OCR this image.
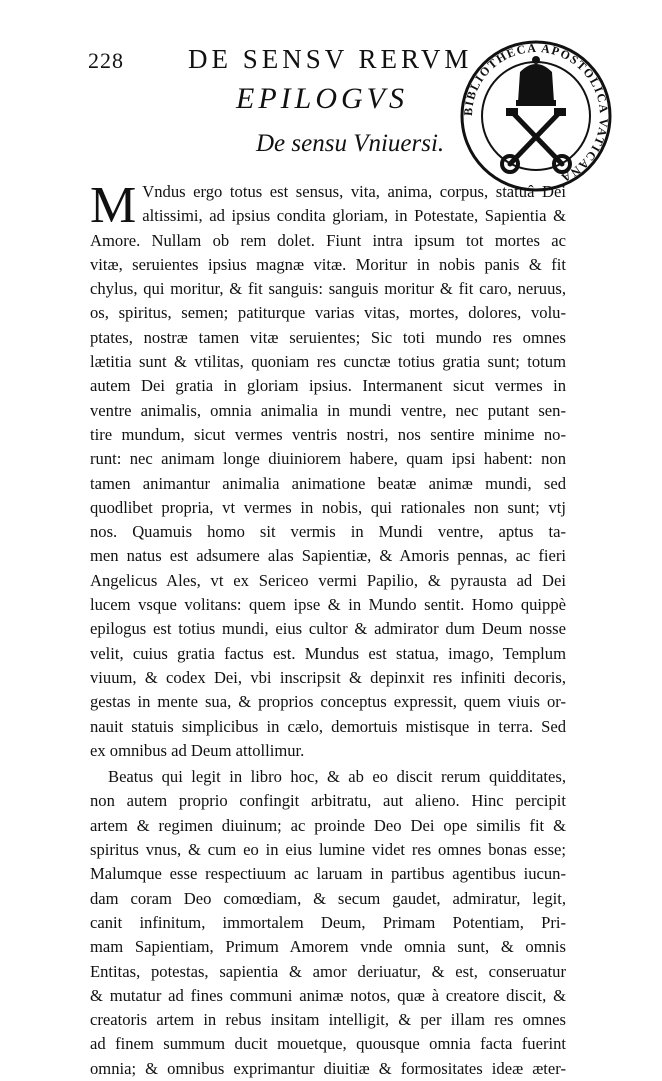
228 DE SENSV RERVM
BIBLIOTHECA APOSTOLICA VATICANA
EPILOGVS
De sensu Vniuersi.
M Vndus ergo totus est sensus, vita, anima, corpus, statuâ Dei
altissimi, ad ipsius condita gloriam, in Potestate, Sapientia &
Amore. Nullam ob rem dolet. Fiunt intra ipsum tot mortes ac
vitæ, seruientes ipsius magnæ vitæ. Moritur in nobis panis & fit
chylus, qui moritur, & fit sanguis: sanguis moritur & fit caro, neruus,
os, spiritus, semen; patiturque varias vitas, mortes, dolores, volu-
ptates, nostræ tamen vitæ seruientes; Sic toti mundo res omnes
lætitia sunt & vtilitas, quoniam res cunctæ totius gratia sunt; totum
autem Dei gratia in gloriam ipsius. Intermanent sicut vermes in
ventre animalis, omnia animalia in mundi ventre, nec putant sen-
tire mundum, sicut vermes ventris nostri, nos sentire minime no-
runt: nec animam longe diuiniorem habere, quam ipsi habent: non
tamen animantur animalia animatione beatæ animæ mundi, sed
quodlibet propria, vt vermes in nobis, qui rationales non sunt; vtj
nos. Quamuis homo sit vermis in Mundi ventre, aptus ta-
men natus est adsumere alas Sapientiæ, & Amoris pennas, ac fieri
Angelicus Ales, vt ex Sericeo vermi Papilio, & pyrausta ad Dei
lucem vsque volitans: quem ipse & in Mundo sentit. Homo quippè
epilogus est totius mundi, eius cultor & admirator dum Deum nosse
velit, cuius gratia factus est. Mundus est statua, imago, Templum
viuum, & codex Dei, vbi inscripsit & depinxit res infiniti decoris,
gestas in mente sua, & proprios conceptus expressit, quem viuis or-
nauit statuis simplicibus in cælo, demortuis mistisque in terra. Sed
ex omnibus ad Deum attollimur.
Beatus qui legit in libro hoc, & ab eo discit rerum quidditates,
non autem proprio confingit arbitratu, aut alieno. Hinc percipit
artem & regimen diuinum; ac proinde Deo Dei ope similis fit &
spiritus vnus, & cum eo in eius lumine videt res omnes bonas esse;
Malumque esse respectiuum ac laruam in partibus agentibus iucun-
dam coram Deo comœdiam, & secum gaudet, admiratur, legit,
canit infinitum, immortalem Deum, Primam Potentiam, Pri-
mam Sapientiam, Primum Amorem vnde omnia sunt, & omnis
Entitas, potestas, sapientia & amor deriuatur, & est, conseruatur
& mutatur ad fines communi animæ notos, quæ à creatore discit, &
creatoris artem in rebus insitam intelligit, & per illam res omnes
ad finem summum ducit mouetque, quousque omnia facta fuerint
omnia; & omnibus exprimantur diuitiæ & formositates ideæ æter-
